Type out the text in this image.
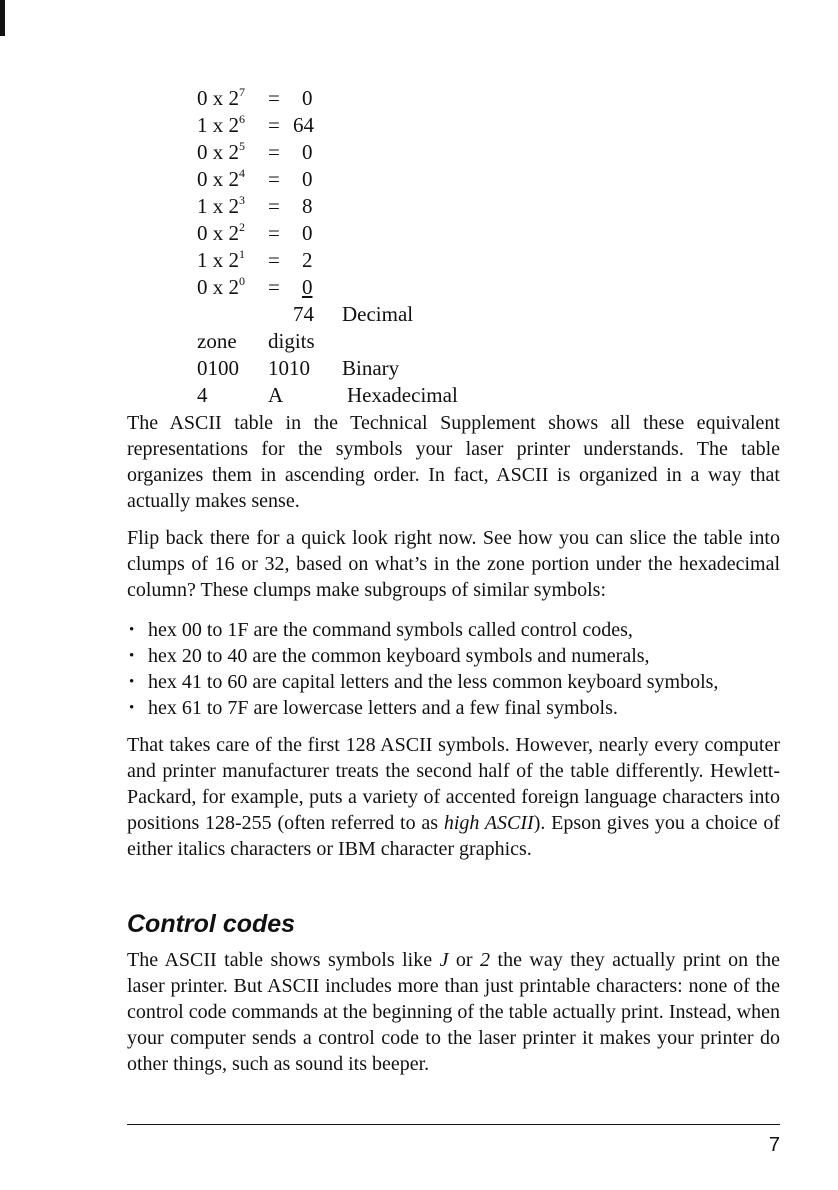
0 x $2^7 = 0$
1 x $2^6 = 64$
0 x $2^5 = 0$
0 x $2^4 = 0$
1 x $2^3 = 8$
0 x $2^2 = 0$
1 x $2^1 = 2$
0 x $2^0 = 0$
74 Decimal
zone digits
0100 1010 Binary
4	A	Hexadecimal

The ASCII table in the Technical Supplement shows all these equivalent representations for the symbols your laser printer understands. The table organizes them in ascending order. In fact, ASCII is organized in a way that actually makes sense.

Flip back there for a quick look right now. See how you can slice the table into clumps of 16 or 32, based on what’s in the zone portion under the hexadecimal column? These clumps make subgroups of similar symbols:

• hex 00 to 1F are the command symbols called control codes,
• hex 20 to 40 are the common keyboard symbols and numerals,
• hex 41 to 60 are capital letters and the less common keyboard symbols,
• hex 61 to 7F are lowercase letters and a few final symbols.

That takes care of the first 128 ASCII symbols. However, nearly every computer and printer manufacturer treats the second half of the table differently. Hewlett-Packard, for example, puts a variety of accented foreign language characters into positions 128-255 (often referred to as high ASCII). Epson gives you a choice of either italics characters or IBM character graphics.

Control codes

The ASCII table shows symbols like J or 2 the way they actually print on the laser printer. But ASCII includes more than just printable characters: none of the control code commands at the beginning of the table actually print. Instead, when your computer sends a control code to the laser printer it makes your printer do other things, such as sound its beeper.

7
